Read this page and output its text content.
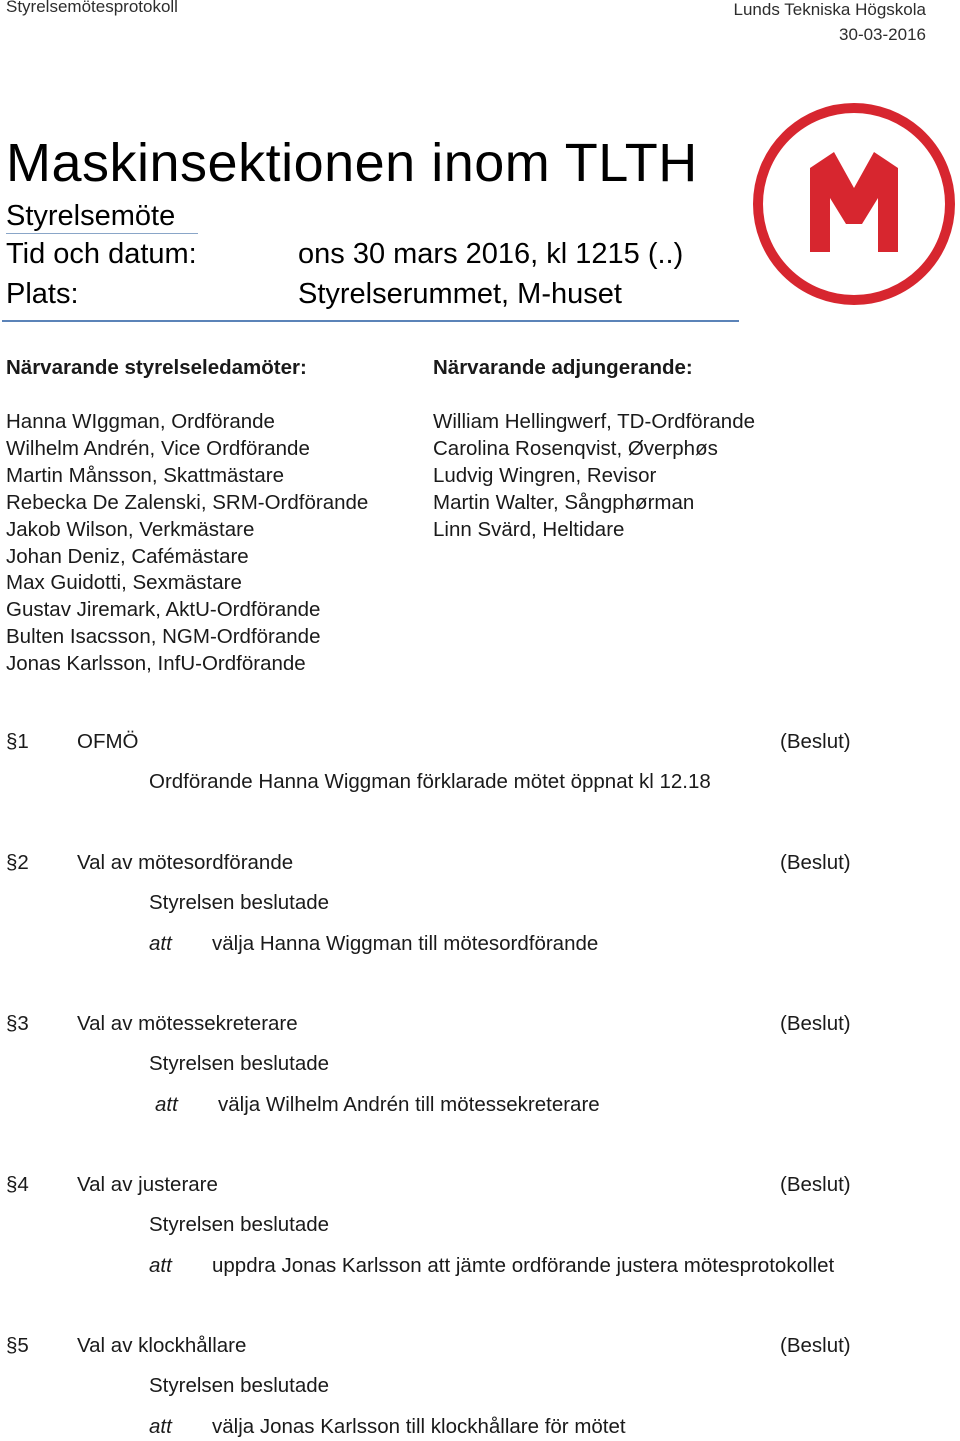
Styrelsemötesprotokoll	Lunds Tekniska Högskola
30-03-2016
Maskinsektionen inom TLTH
Styrelsemöte
Tid och datum:	ons 30 mars 2016, kl 1215 (..)
Plats:	Styrelserummet, M-huset
Närvarande styrelseledamöter:
Hanna WIggman, Ordförande
Wilhelm Andrén, Vice Ordförande
Martin Månsson, Skattmästare
Rebecka De Zalenski, SRM-Ordförande
Jakob Wilson, Verkmästare
Johan Deniz, Cafémästare
Max Guidotti, Sexmästare
Gustav Jiremark, AktU-Ordförande
Bulten Isacsson, NGM-Ordförande
Jonas Karlsson, InfU-Ordförande
Närvarande adjungerande:
William Hellingwerf, TD-Ordförande
Carolina Rosenqvist, Øverphøs
Ludvig Wingren, Revisor
Martin Walter, Sångphørman
Linn Svärd, Heltidare
§1 OFMÖ	(Beslut)
Ordförande Hanna Wiggman förklarade mötet öppnat kl 12.18
§2 Val av mötesordförande	(Beslut)
Styrelsen beslutade
att välja Hanna Wiggman till mötesordförande
§3 Val av mötessekreterare	(Beslut)
Styrelsen beslutade
att välja Wilhelm Andrén till mötessekreterare
§4 Val av justerare	(Beslut)
Styrelsen beslutade
att uppdra Jonas Karlsson att jämte ordförande justera mötesprotokollet
§5 Val av klockhållare	(Beslut)
Styrelsen beslutade
att välja Jonas Karlsson till klockhållare för mötet
